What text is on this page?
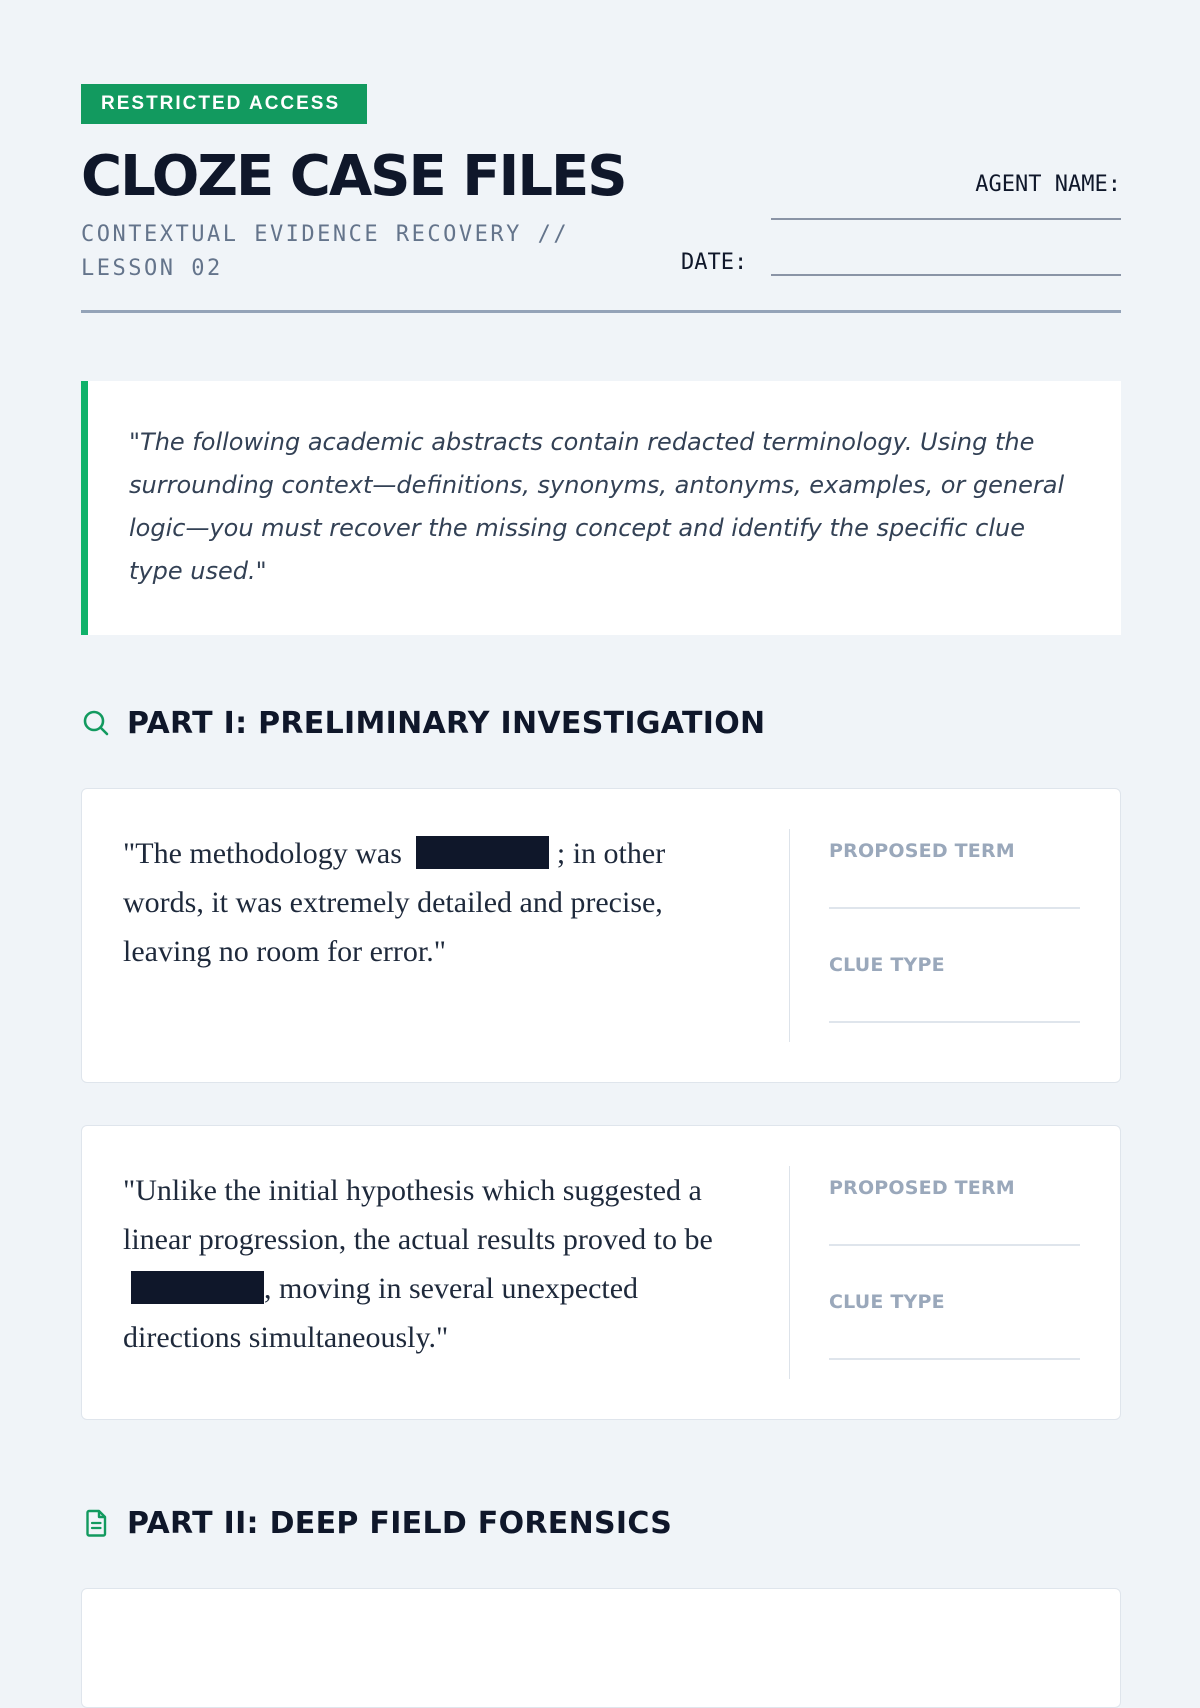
RESTRICTED ACCESS
CLOZE CASE FILES
CONTEXTUAL EVIDENCE RECOVERY // LESSON 02
AGENT NAME:
DATE:

"The following academic abstracts contain redacted terminology. Using the surrounding context—definitions, synonyms, antonyms, examples, or general logic—you must recover the missing concept and identify the specific clue type used."

PART I: PRELIMINARY INVESTIGATION
"The methodology was	; in other words, it was extremely detailed and precise, leaving no room for error."
PROPOSED TERM
CLUE TYPE
"Unlike the initial hypothesis which suggested a linear progression, the actual results proved to be, moving in several unexpected directions simultaneously."
PROPOSED TERM
CLUE TYPE
PART II: DEEP FIELD FORENSICS
